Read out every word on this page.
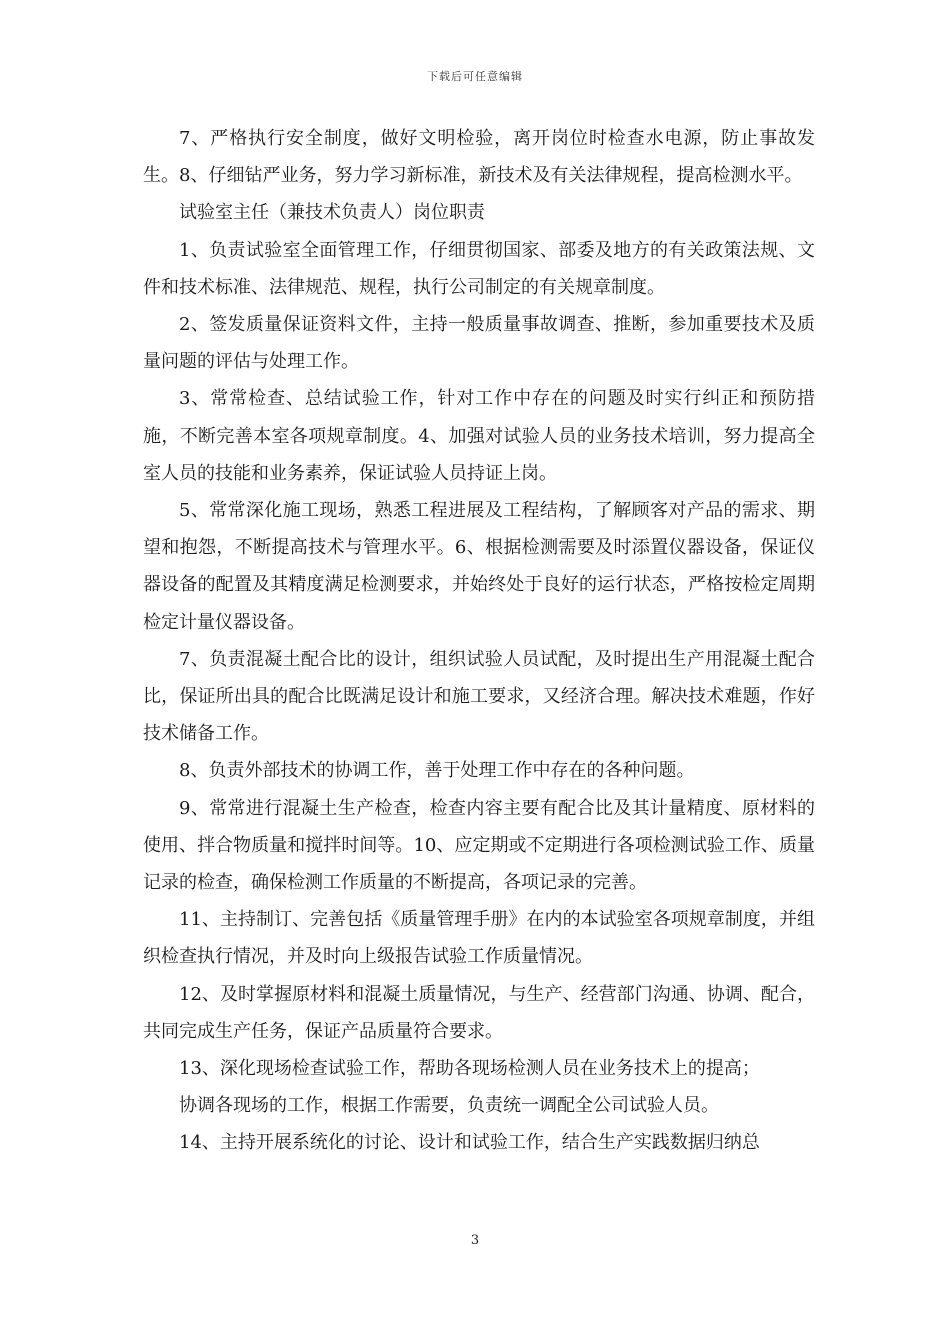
下载后可任意编辑

7、严格执行安全制度，做好文明检验，离开岗位时检查水电源，防止事故发生。8、仔细钻严业务，努力学习新标准，新技术及有关法律规程，提高检测水平。

试验室主任（兼技术负责人）岗位职责

1、负责试验室全面管理工作，仔细贯彻国家、部委及地方的有关政策法规、文件和技术标准、法律规范、规程，执行公司制定的有关规章制度。

2、签发质量保证资料文件，主持一般质量事故调查、推断，参加重要技术及质量问题的评估与处理工作。

3、常常检查、总结试验工作，针对工作中存在的问题及时实行纠正和预防措施，不断完善本室各项规章制度。4、加强对试验人员的业务技术培训，努力提高全室人员的技能和业务素养，保证试验人员持证上岗。

5、常常深化施工现场，熟悉工程进展及工程结构，了解顾客对产品的需求、期望和抱怨，不断提高技术与管理水平。6、根据检测需要及时添置仪器设备，保证仪器设备的配置及其精度满足检测要求，并始终处于良好的运行状态，严格按检定周期检定计量仪器设备。

7、负责混凝土配合比的设计，组织试验人员试配，及时提出生产用混凝土配合比，保证所出具的配合比既满足设计和施工要求，又经济合理。解决技术难题，作好技术储备工作。

8、负责外部技术的协调工作，善于处理工作中存在的各种问题。

9、常常进行混凝土生产检查，检查内容主要有配合比及其计量精度、原材料的使用、拌合物质量和搅拌时间等。10、应定期或不定期进行各项检测试验工作、质量记录的检查，确保检测工作质量的不断提高，各项记录的完善。

11、主持制订、完善包括《质量管理手册》在内的本试验室各项规章制度，并组织检查执行情况，并及时向上级报告试验工作质量情况。

12、及时掌握原材料和混凝土质量情况，与生产、经营部门沟通、协调、配合，共同完成生产任务，保证产品质量符合要求。

13、深化现场检查试验工作，帮助各现场检测人员在业务技术上的提高；

协调各现场的工作，根据工作需要，负责统一调配全公司试验人员。

14、主持开展系统化的讨论、设计和试验工作，结合生产实践数据归纳总

3
